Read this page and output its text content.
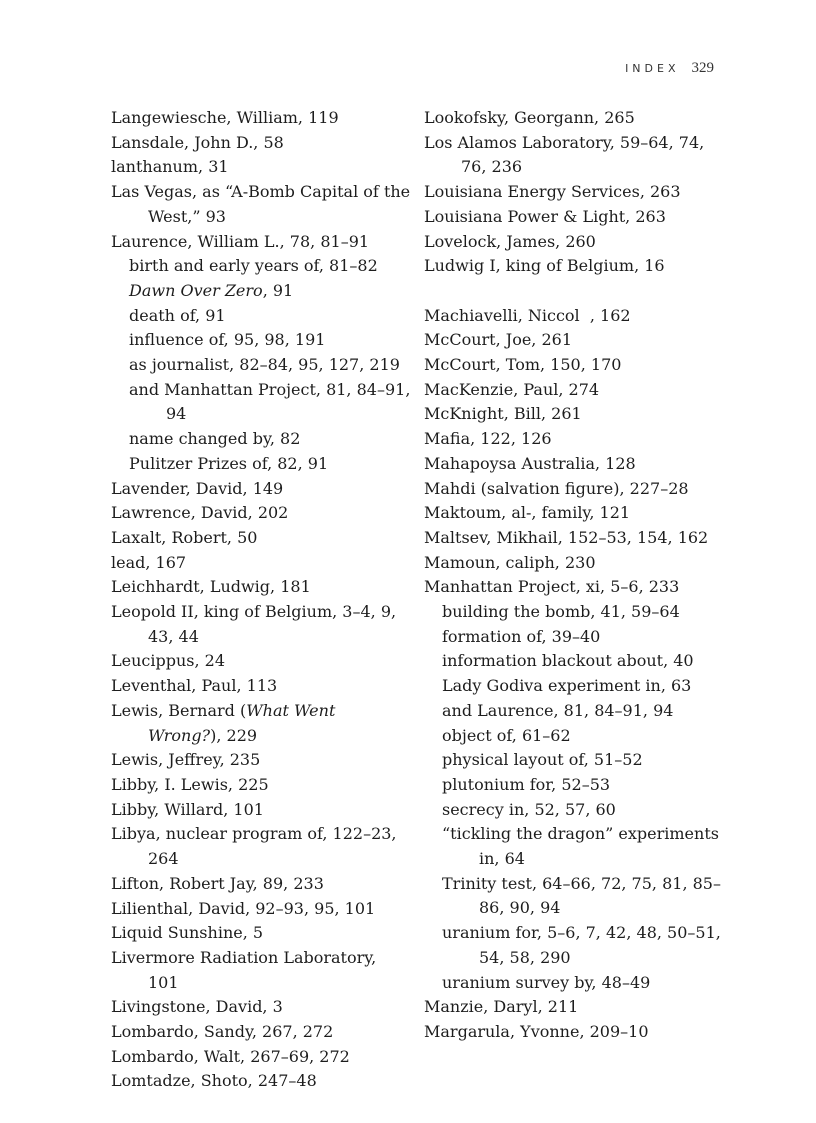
INDEX 329
Langewiesche, William, 119
Lansdale, John D., 58
lanthanum, 31
Las Vegas, as “A-Bomb Capital of the West,” 93
Laurence, William L., 78, 81–91
birth and early years of, 81–82
Dawn Over Zero, 91
death of, 91
influence of, 95, 98, 191
as journalist, 82–84, 95, 127, 219
and Manhattan Project, 81, 84–91, 94
name changed by, 82
Pulitzer Prizes of, 82, 91
Lavender, David, 149
Lawrence, David, 202
Laxalt, Robert, 50
lead, 167
Leichhardt, Ludwig, 181
Leopold II, king of Belgium, 3–4, 9, 43, 44
Leucippus, 24
Leventhal, Paul, 113
Lewis, Bernard (What Went Wrong?), 229
Lewis, Jeffrey, 235
Libby, I. Lewis, 225
Libby, Willard, 101
Libya, nuclear program of, 122–23, 264
Lifton, Robert Jay, 89, 233
Lilienthal, David, 92–93, 95, 101
Liquid Sunshine, 5
Livermore Radiation Laboratory, 101
Livingstone, David, 3
Lombardo, Sandy, 267, 272
Lombardo, Walt, 267–69, 272
Lomtadze, Shoto, 247–48
Lookofsky, Georgann, 265
Los Alamos Laboratory, 59–64, 74, 76, 236
Louisiana Energy Services, 263
Louisiana Power & Light, 263
Lovelock, James, 260
Ludwig I, king of Belgium, 16
Machiavelli, Niccol  , 162
McCourt, Joe, 261
McCourt, Tom, 150, 170
MacKenzie, Paul, 274
McKnight, Bill, 261
Mafia, 122, 126
Mahapoysa Australia, 128
Mahdi (salvation figure), 227–28
Maktoum, al-, family, 121
Maltsev, Mikhail, 152–53, 154, 162
Mamoun, caliph, 230
Manhattan Project, xi, 5–6, 233
building the bomb, 41, 59–64
formation of, 39–40
information blackout about, 40
Lady Godiva experiment in, 63
and Laurence, 81, 84–91, 94
object of, 61–62
physical layout of, 51–52
plutonium for, 52–53
secrecy in, 52, 57, 60
“tickling the dragon” experiments in, 64
Trinity test, 64–66, 72, 75, 81, 85–86, 90, 94
uranium for, 5–6, 7, 42, 48, 50–51, 54, 58, 290
uranium survey by, 48–49
Manzie, Daryl, 211
Margarula, Yvonne, 209–10
